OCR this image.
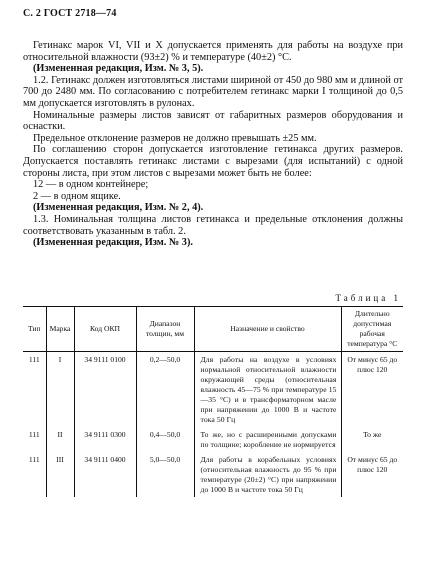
С. 2 ГОСТ 2718—74

Гетинакс марок VI, VII и X допускается применять для работы на воздухе при относительной влажности (93±2) % и температуре (40±2) °С.

(Измененная редакция, Изм. № 3, 5).

1.2. Гетинакс должен изготовляться листами шириной от 450 до 980 мм и длиной от 700 до 2480 мм. По согласованию с потребителем гетинакс марки I толщиной до 0,5 мм допускается изготовлять в рулонах.

Номинальные размеры листов зависят от габаритных размеров оборудования и оснастки.

Предельное отклонение размеров не должно превышать ±25 мм.

По соглашению сторон допускается изготовление гетинакса других размеров. Допускается поставлять гетинакс листами с вырезами (для испытаний) с одной стороны листа, при этом листов с вырезами может быть не более:

12 — в одном контейнере;

2 — в одном ящике.

(Измененная редакция, Изм. № 2, 4).

1.3. Номинальная толщина листов гетинакса и предельные отклонения должны соответствовать указанным в табл. 2.

(Измененная редакция, Изм. № 3).

Таблица 1
Тип	Марка	Код ОКП	Диапазон толщин, мм	Назначение и свойство	Длительно допустимая рабочая температура °С
111	I	34 9111 0100	0,2—50,0	Для работы на воздухе в условиях нормальной относительной влажности окружающей среды (относительная влажность 45—75 % при температуре 15—35 °С) и в трансформаторном масле при напряжении до 1000 В и частоте тока 50 Гц	От минус 65 до плюс 120
111	II	34 9111 0300	0,4—50,0	То же, но с расширенными допусками по толщине; коробление не нормируется	То же
111	III	34 9111 0400	5,0—50,0	Для работы в корабельных условиях (относительная влажность до 95 % при температуре (20±2) °С) при напряжении до 1000 В и частоте тока 50 Гц	От минус 65 до плюс 120
